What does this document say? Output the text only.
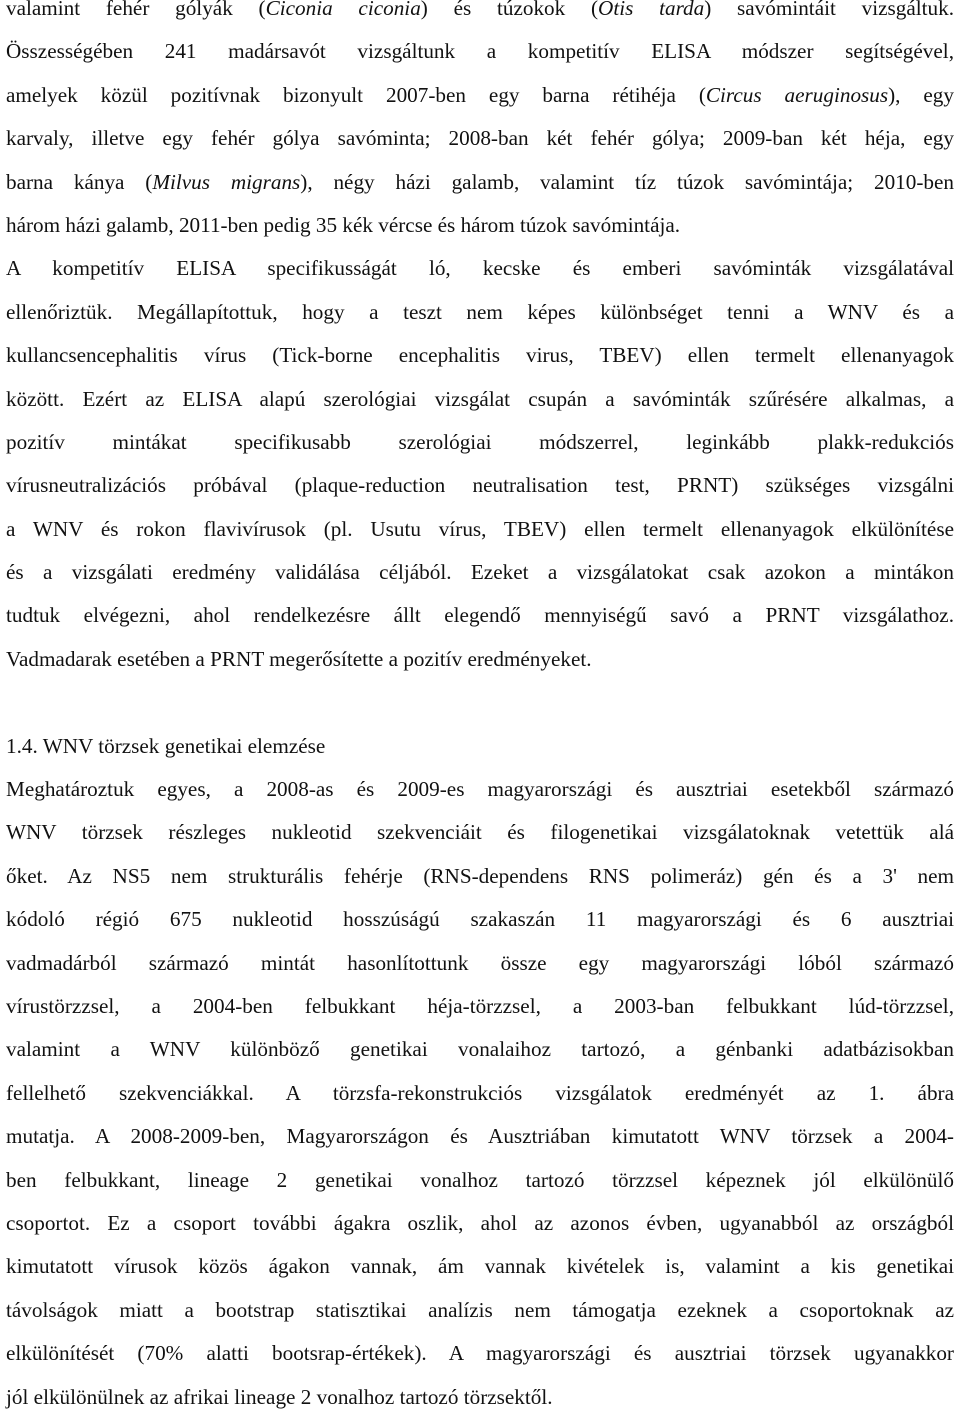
valamint fehér gólyák (Ciconia ciconia) és túzokok (Otis tarda) savómintáit vizsgáltuk.
Összességében 241 madársavót vizsgáltunk a kompetitív ELISA módszer segítségével,
amelyek közül pozitívnak bizonyult 2007-ben egy barna rétihéja (Circus aeruginosus), egy
karvaly, illetve egy fehér gólya savóminta; 2008-ban két fehér gólya; 2009-ban két héja, egy
barna kánya (Milvus migrans), négy házi galamb, valamint tíz túzok savómintája; 2010-ben
három házi galamb, 2011-ben pedig 35 kék vércse és három túzok savómintája.
A kompetitív ELISA specifikusságát ló, kecske és emberi savóminták vizsgálatával
ellenőriztük. Megállapítottuk, hogy a teszt nem képes különbséget tenni a WNV és a
kullancsencephalitis vírus (Tick-borne encephalitis virus, TBEV) ellen termelt ellenanyagok
között. Ezért az ELISA alapú szerológiai vizsgálat csupán a savóminták szűrésére alkalmas, a
pozitív mintákat specifikusabb szerológiai módszerrel, leginkább plakk-redukciós
vírusneutralizációs próbával (plaque-reduction neutralisation test, PRNT) szükséges vizsgálni
a WNV és rokon flavivírusok (pl. Usutu vírus, TBEV) ellen termelt ellenanyagok elkülönítése
és a vizsgálati eredmény validálása céljából. Ezeket a vizsgálatokat csak azokon a mintákon
tudtuk elvégezni, ahol rendelkezésre állt elegendő mennyiségű savó a PRNT vizsgálathoz.
Vadmadarak esetében a PRNT megerősítette a pozitív eredményeket.
1.4. WNV törzsek genetikai elemzése
Meghatároztuk egyes, a 2008-as és 2009-es magyarországi és ausztriai esetekből származó
WNV törzsek részleges nukleotid szekvenciáit és filogenetikai vizsgálatoknak vetettük alá
őket. Az NS5 nem strukturális fehérje (RNS-dependens RNS polimeráz) gén és a 3' nem
kódoló régió 675 nukleotid hosszúságú szakaszán 11 magyarországi és 6 ausztriai
vadmadárból származó mintát hasonlítottunk össze egy magyarországi lóból származó
vírustörzzsel, a 2004-ben felbukkant héja-törzzsel, a 2003-ban felbukkant lúd-törzzsel,
valamint a WNV különböző genetikai vonalaihoz tartozó, a génbanki adatbázisokban
fellelhető szekvenciákkal. A törzsfa-rekonstrukciós vizsgálatok eredményét az 1. ábra
mutatja. A 2008-2009-ben, Magyarországon és Ausztriában kimutatott WNV törzsek a 2004-
ben felbukkant, lineage 2 genetikai vonalhoz tartozó törzzsel képeznek jól elkülönülő
csoportot. Ez a csoport további ágakra oszlik, ahol az azonos évben, ugyanabból az országból
kimutatott vírusok közös ágakon vannak, ám vannak kivételek is, valamint a kis genetikai
távolságok miatt a bootstrap statisztikai analízis nem támogatja ezeknek a csoportoknak az
elkülönítését (70% alatti bootsrap-értékek). A magyarországi és ausztriai törzsek ugyanakkor
jól elkülönülnek az afrikai lineage 2 vonalhoz tartozó törzsektől.
